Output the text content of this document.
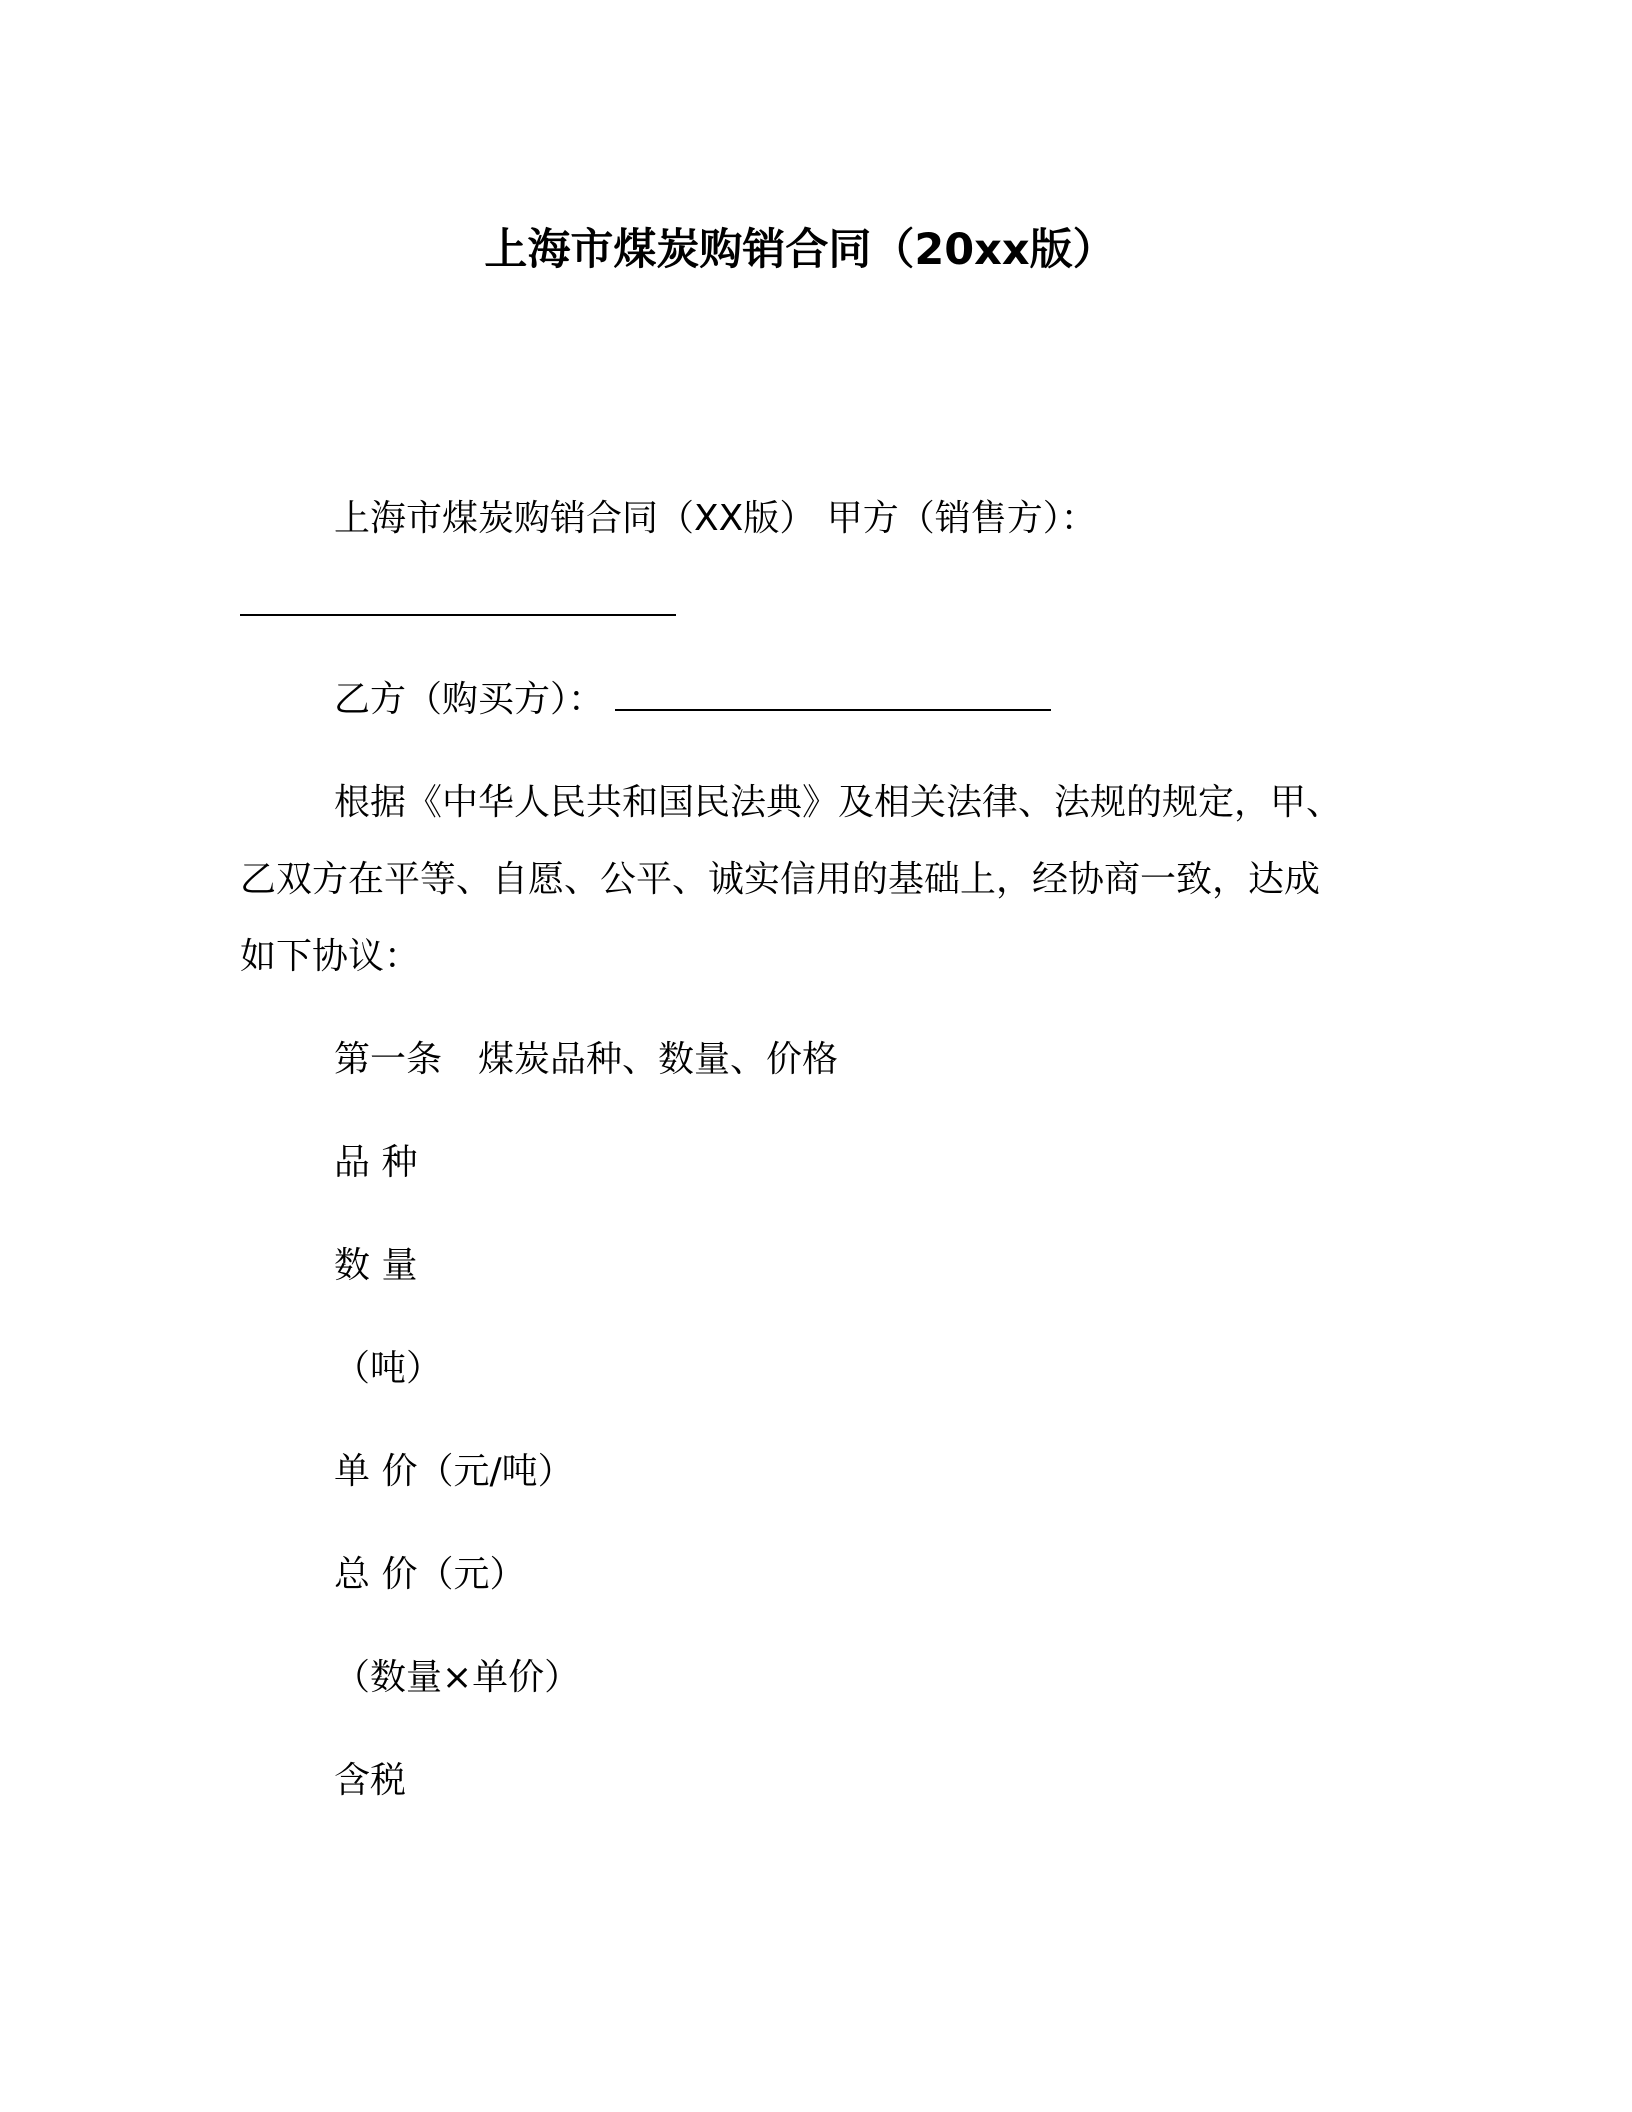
上海市煤炭购销合同（20xx版）
上海市煤炭购销合同（XX版） 甲方（销售方）：
乙方（购买方）：
根据《中华人民共和国民法典》及相关法律、法规的规定，甲、
乙双方在平等、自愿、公平、诚实信用的基础上，经协商一致，达成
如下协议：
第一条　煤炭品种、数量、价格
品 种
数 量
（吨）
单 价（元/吨）
总 价（元）
（数量×单价）
含税
